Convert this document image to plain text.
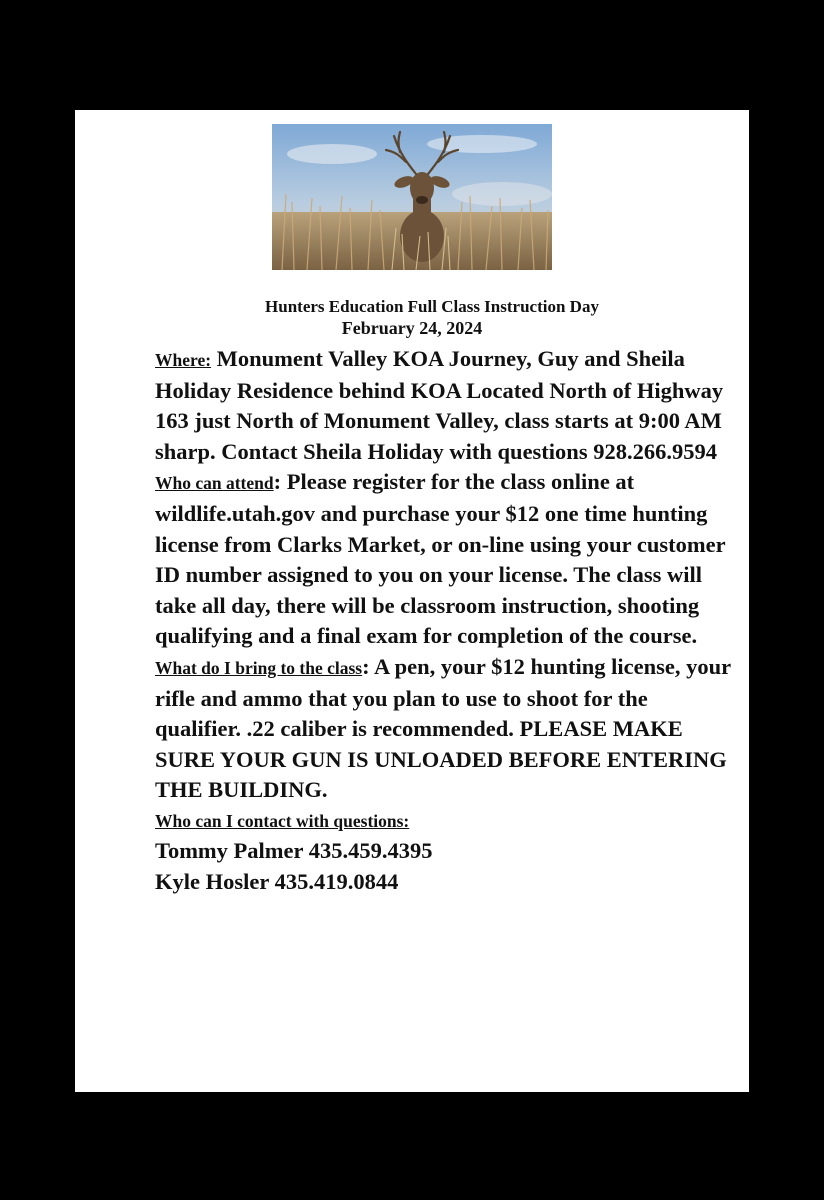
Hunters Education Full Class Instruction Day

February 24, 2024

Where: Monument Valley KOA Journey, Guy and Sheila Holiday Residence behind KOA Located North of Highway 163 just North of Monument Valley, class starts at 9:00 AM sharp. Contact Sheila Holiday with questions 928.266.9594

Who can attend: Please register for the class online at wildlife.utah.gov and purchase your $12 one time hunting license from Clarks Market, or on-line using your customer ID number assigned to you on your license. The class will take all day, there will be classroom instruction, shooting qualifying and a final exam for completion of the course.

What do I bring to the class: A pen, your $12 hunting license, your rifle and ammo that you plan to use to shoot for the qualifier. .22 caliber is recommended. PLEASE MAKE SURE YOUR GUN IS UNLOADED BEFORE ENTERING THE BUILDING.

Who can I contact with questions:

Tommy Palmer 435.459.4395

Kyle Hosler 435.419.0844
